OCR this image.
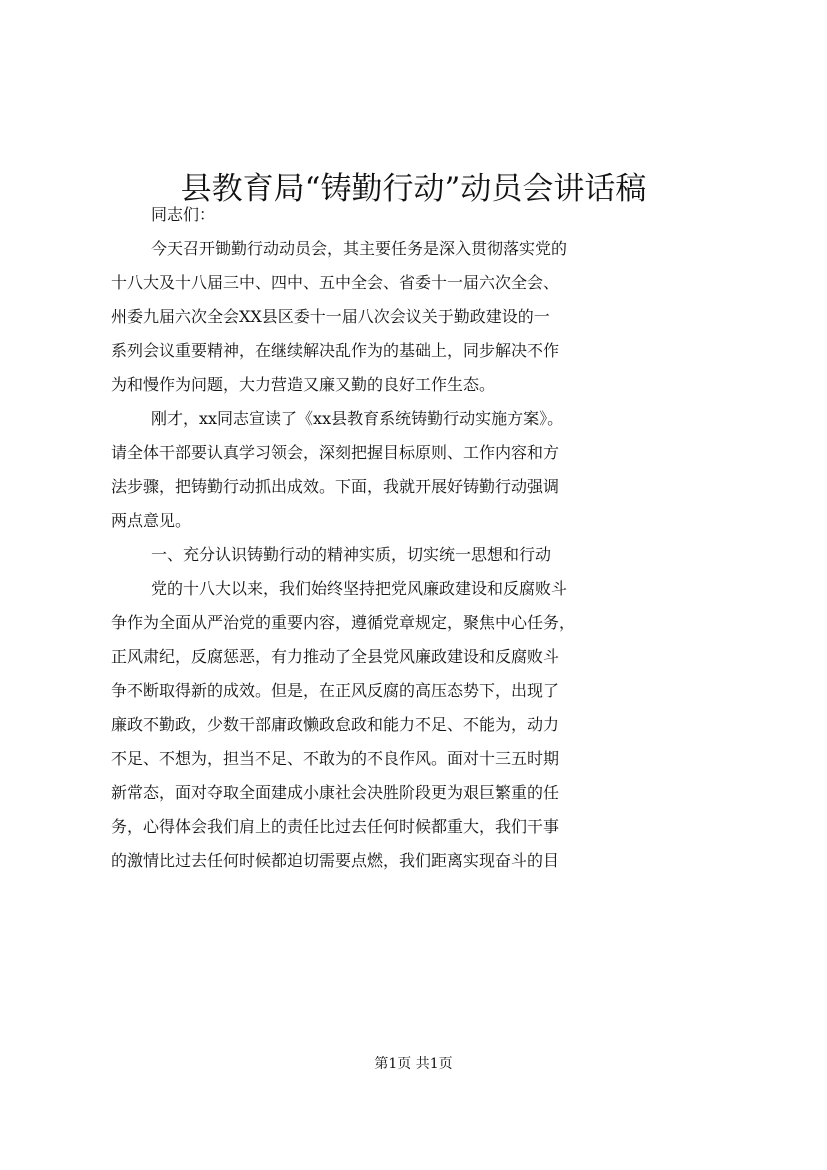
县教育局“铸勤行动”动员会讲话稿
同志们：
今天召开锄勤行动动员会，其主要任务是深入贯彻落实党的
十八大及十八届三中、四中、五中全会、省委十一届六次全会、
州委九届六次全会XX县区委十一届八次会议关于勤政建设的一
系列会议重要精神，在继续解决乱作为的基础上，同步解决不作
为和慢作为问题，大力营造又廉又勤的良好工作生态。
刚才，xx同志宣读了《xx县教育系统铸勤行动实施方案》。
请全体干部要认真学习领会，深刻把握目标原则、工作内容和方
法步骤，把铸勤行动抓出成效。下面，我就开展好铸勤行动强调
两点意见。
一、充分认识铸勤行动的精神实质，切实统一思想和行动
党的十八大以来，我们始终坚持把党风廉政建设和反腐败斗
争作为全面从严治党的重要内容，遵循党章规定，聚焦中心任务，
正风肃纪，反腐惩恶，有力推动了全县党风廉政建设和反腐败斗
争不断取得新的成效。但是，在正风反腐的高压态势下，出现了
廉政不勤政，少数干部庸政懒政怠政和能力不足、不能为，动力
不足、不想为，担当不足、不敢为的不良作风。面对十三五时期
新常态，面对夺取全面建成小康社会决胜阶段更为艰巨繁重的任
务，心得体会我们肩上的责任比过去任何时候都重大，我们干事
的激情比过去任何时候都迫切需要点燃，我们距离实现奋斗的目
第1页 共1页
